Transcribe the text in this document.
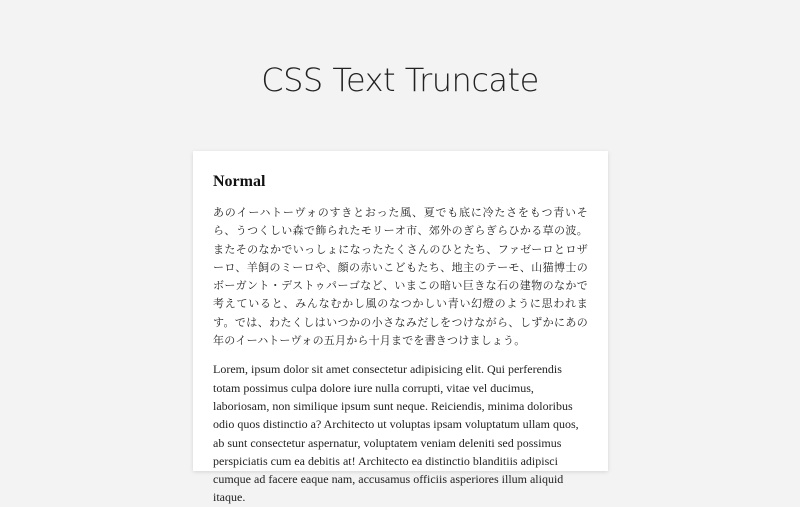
CSS Text Truncate
Normal

あのイーハトーヴォのすきとおった風、夏でも底に冷たさをもつ青いそら、うつくしい森で飾られたモリーオ市、郊外のぎらぎらひかる草の波。またそのなかでいっしょになったたくさんのひとたち、ファゼーロとロザーロ、羊飼のミーロや、顔の赤いこどもたち、地主のテーモ、山猫博士のボーガント・デストゥパーゴなど、いまこの暗い巨きな石の建物のなかで考えていると、みんなむかし風のなつかしい青い幻燈のように思われます。では、わたくしはいつかの小さなみだしをつけながら、しずかにあの年のイーハトーヴォの五月から十月までを書きつけましょう。

Lorem, ipsum dolor sit amet consectetur adipisicing elit. Qui perferendis totam possimus culpa dolore iure nulla corrupti, vitae vel ducimus, laboriosam, non similique ipsum sunt neque. Reiciendis, minima doloribus odio quos distinctio a? Architecto ut voluptas ipsam voluptatum ullam quos, ab sunt consectetur aspernatur, voluptatem veniam deleniti sed possimus perspiciatis cum ea debitis at! Architecto ea distinctio blanditiis adipisci cumque ad facere eaque nam, accusamus officiis asperiores illum aliquid itaque.
